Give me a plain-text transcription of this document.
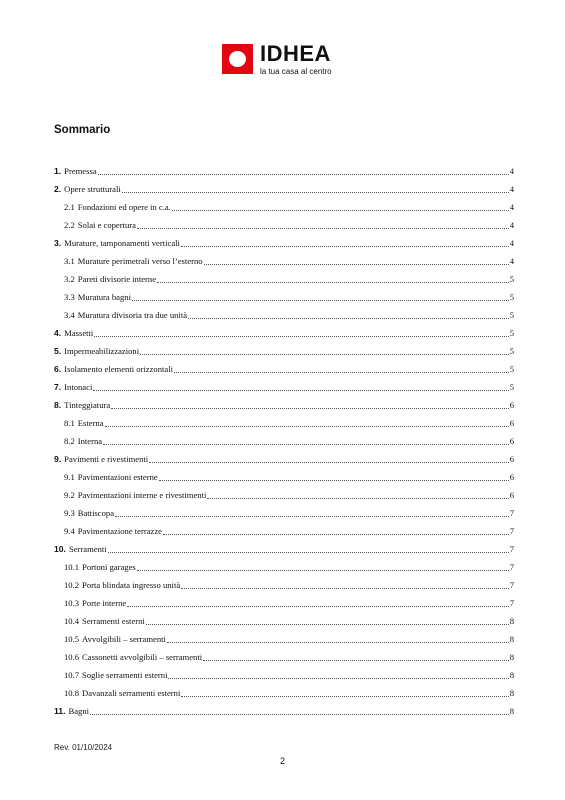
IDHEA
la tua casa al centro
Sommario
1. Premessa	4
2. Opere strutturali	4
2.1 Fondazioni ed opere in c.a.	4
2.2 Solai e copertura	4
3. Murature, tamponamenti verticali	4
3.1 Murature perimetrali verso l’esterno	4
3.2 Pareti divisorie interne	5
3.3 Muratura bagni	5
3.4 Muratura divisoria tra due unità	5
4. Massetti	5
5. Impermeabilizzazioni	5
6. Isolamento elementi orizzontali	5
7. Intonaci	5
8. Tinteggiatura	6
8.1 Esterna	6
8.2 Interna	6
9. Pavimenti e rivestimenti	6
9.1 Pavimentazioni esterne	6
9.2 Pavimentazioni interne e rivestimenti	6
9.3 Battiscopa	7
9.4 Pavimentazione terrazze	7
10. Serramenti	7
10.1 Portoni garages	7
10.2 Porta blindata ingresso unità	7
10.3 Porte interne	7
10.4 Serramenti esterni	8
10.5 Avvolgibili – serramenti	8
10.6 Cassonetti avvolgibili – serramenti	8
10.7 Soglie serramenti esterni	8
10.8 Davanzali serramenti esterni	8
11. Bagni	8
Rev. 01/10/2024
2
